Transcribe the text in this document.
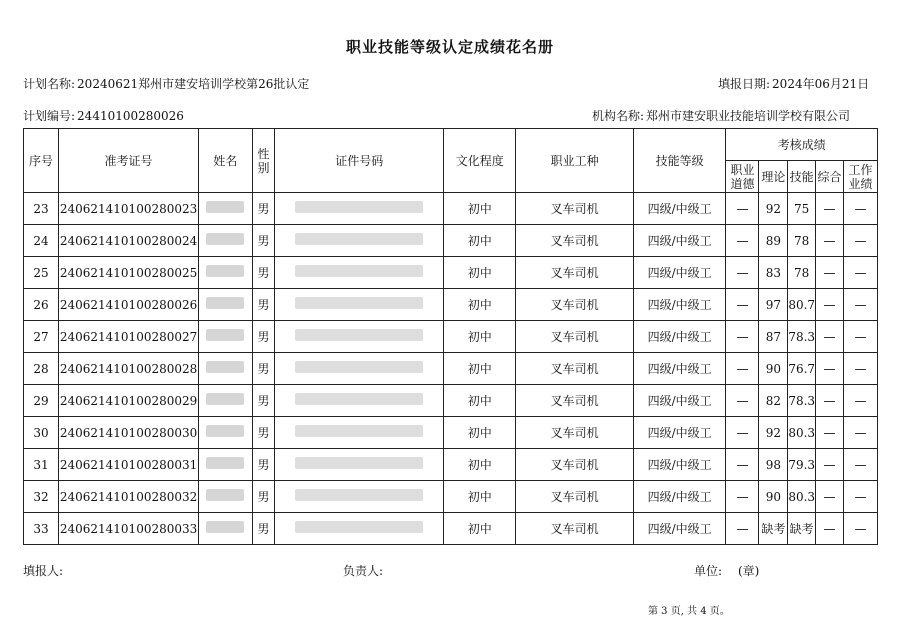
职业技能等级认定成绩花名册
计划名称: 20240621郑州市建安培训学校第26批认定	填报日期: 2024年06月21日
计划编号: 24410100280026	机构名称: 郑州市建安职业技能培训学校有限公司
序号	准考证号	姓名	性别	证件号码	文化程度	职业工种	技能等级	考核成绩				
								职业道德	理论	技能	综合	工作业绩
23	240621410100280023		男		初中	叉车司机	四级/中级工	—	92	75	—	—
24	240621410100280024		男		初中	叉车司机	四级/中级工	—	89	78	—	—
25	240621410100280025		男		初中	叉车司机	四级/中级工	—	83	78	—	—
26	240621410100280026		男		初中	叉车司机	四级/中级工	—	97	80.7	—	—
27	240621410100280027		男		初中	叉车司机	四级/中级工	—	87	78.3	—	—
28	240621410100280028		男		初中	叉车司机	四级/中级工	—	90	76.7	—	—
29	240621410100280029		男		初中	叉车司机	四级/中级工	—	82	78.3	—	—
30	240621410100280030		男		初中	叉车司机	四级/中级工	—	92	80.3	—	—
31	240621410100280031		男		初中	叉车司机	四级/中级工	—	98	79.3	—	—
32	240621410100280032		男		初中	叉车司机	四级/中级工	—	90	80.3	—	—
33	240621410100280033		男		初中	叉车司机	四级/中级工	—	缺考	缺考	—	—
填报人:	负责人:	单位: (章)
第 3 页, 共 4 页。
